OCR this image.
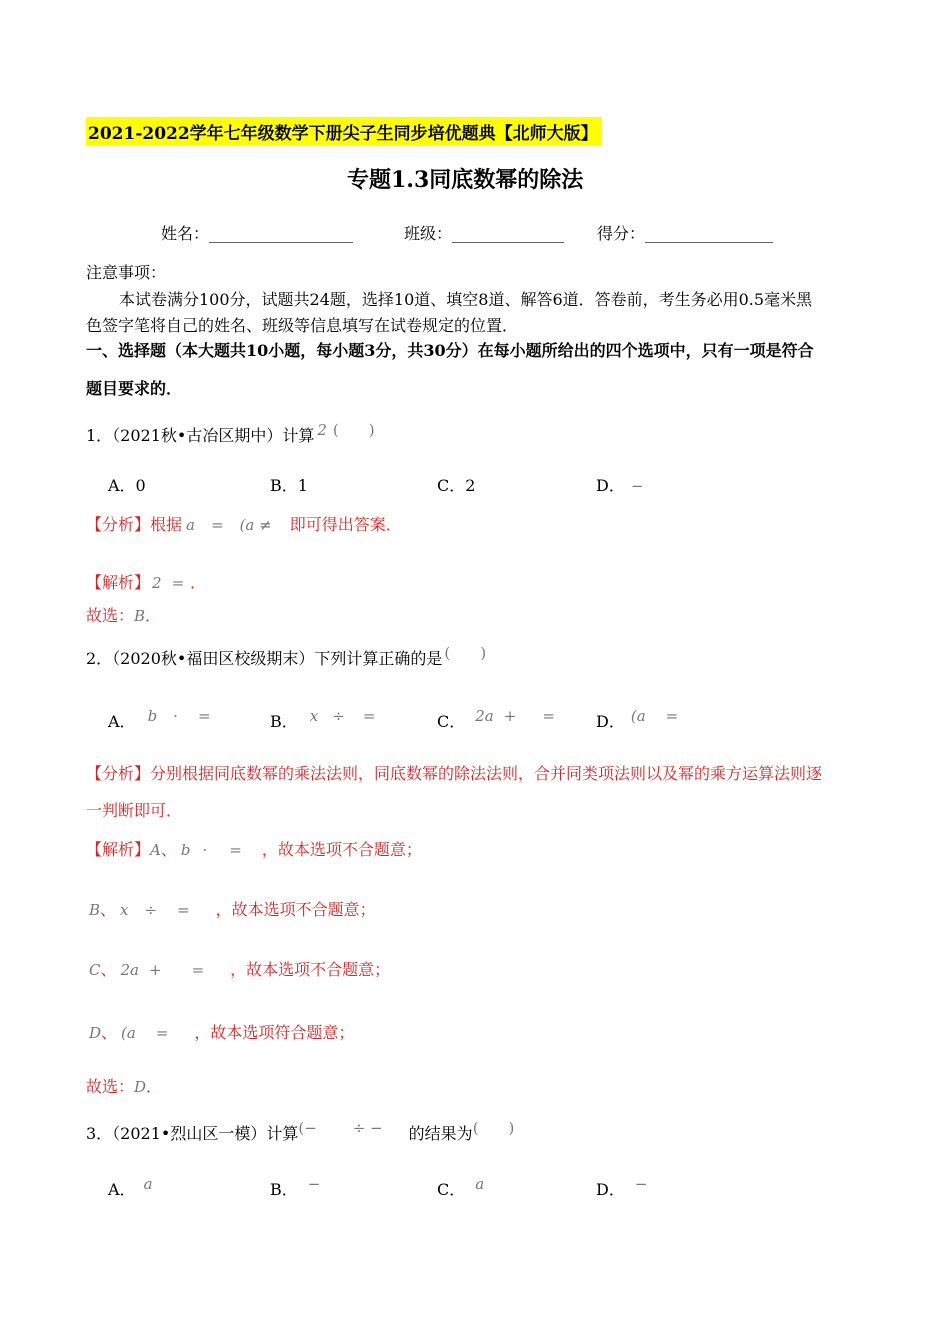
2021-2022学年七年级数学下册尖子生同步培优题典【北师大版】
专题1.3同底数幂的除法
姓名：__________________	班级：______________ 得分：________________
注意事项：
本试卷满分100分，试题共24题，选择10道、填空8道、解答6道．答卷前，考生务必用0.5毫米黑
色签字笔将自己的姓名、班级等信息填写在试卷规定的位置．
一、选择题（本大题共10小题，每小题3分，共30分）在每小题所给出的四个选项中，只有一项是符合
题目要求的．
1．（2021秋•古冶区期中）计算 2 (　　)
A．0	B．1	C．2	D． −
【分析】根据 a = (a ≠ 即可得出答案．
【解析】 2 = ．
故选：B．
2．（2020秋•福田区校级期末）下列计算正确的是 (　　)
A． b · =	B． x ÷ =	C． 2a + =	D． (a =
【分析】分别根据同底数幂的乘法法则，同底数幂的除法法则，合并同类项法则以及幂的乘方运算法则逐
一判断即可．
【解析】A、 b · = ，故本选项不合题意；
B、 x ÷ = ，故本选项不合题意；
C、 2a + = ，故本选项不合题意；
D、 (a = ，故本选项符合题意；
故选：D．
3．（2021•烈山区一模）计算(− ÷ − 的结果为(　　)
A． a	B． −	C． a	D． −
